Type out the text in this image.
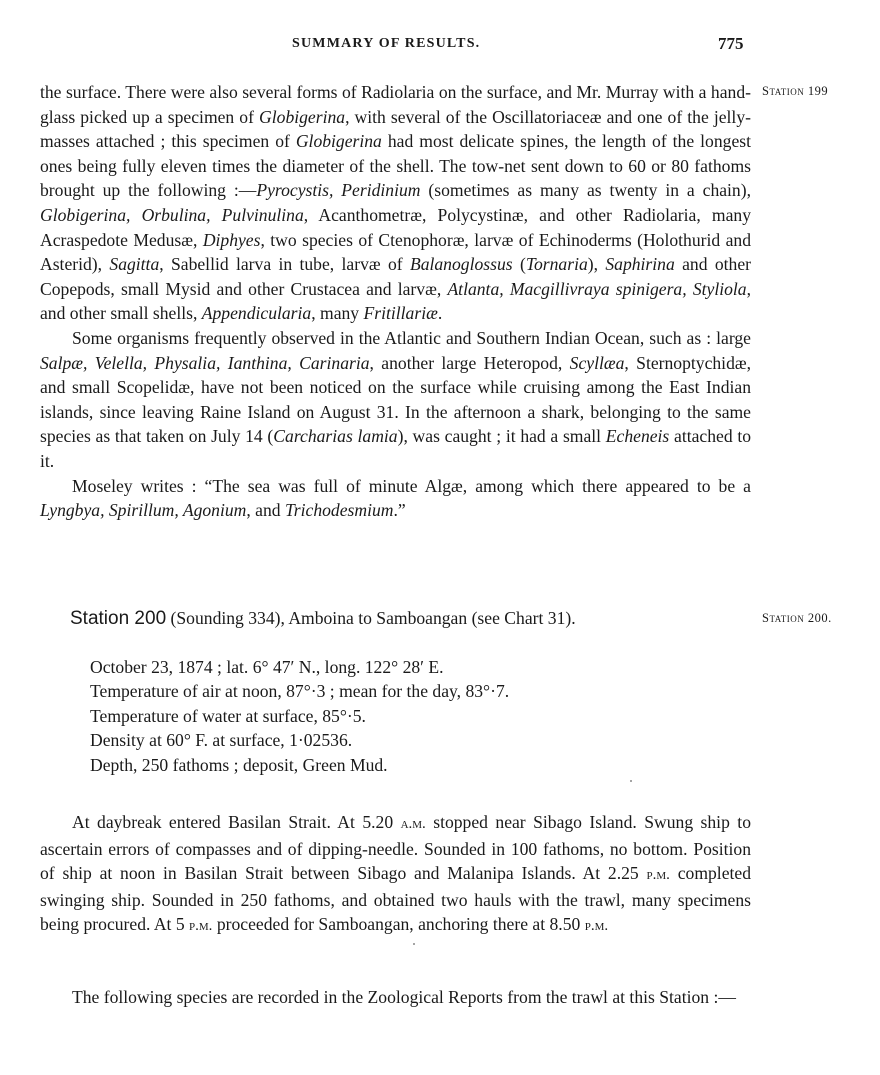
SUMMARY OF RESULTS.	775
Station 199

the surface. There were also several forms of Radiolaria on the surface, and Mr. Murray with a hand-glass picked up a specimen of Globigerina, with several of the Oscillatoriaceæ and one of the jelly-masses attached ; this specimen of Globigerina had most delicate spines, the length of the longest ones being fully eleven times the diameter of the shell. The tow-net sent down to 60 or 80 fathoms brought up the following :—Pyrocystis, Peridinium (sometimes as many as twenty in a chain), Globigerina, Orbulina, Pulvinulina, Acanthometræ, Polycystinæ, and other Radiolaria, many Acraspedote Medusæ, Diphyes, two species of Ctenophoræ, larvæ of Echinoderms (Holothurid and Asterid), Sagitta, Sabellid larva in tube, larvæ of Balanoglossus (Tornaria), Saphirina and other Copepods, small Mysid and other Crustacea and larvæ, Atlanta, Macgillivraya spinigera, Styliola, and other small shells, Appendicularia, many Fritillariæ.

Some organisms frequently observed in the Atlantic and Southern Indian Ocean, such as : large Salpæ, Velella, Physalia, Ianthina, Carinaria, another large Heteropod, Scyllæa, Sternoptychidæ, and small Scopelidæ, have not been noticed on the surface while cruising among the East Indian islands, since leaving Raine Island on August 31. In the afternoon a shark, belonging to the same species as that taken on July 14 (Carcharias lamia), was caught ; it had a small Echeneis attached to it.

Moseley writes : “The sea was full of minute Algæ, among which there appeared to be a Lyngbya, Spirillum, Agonium, and Trichodesmium.”

Station 200 (Sounding 334), Amboina to Samboangan (see Chart 31).	Station 200.
October 23, 1874 ; lat. 6° 47′ N., long. 122° 28′ E.
Temperature of air at noon, 87°·3 ; mean for the day, 83°·7.
Temperature of water at surface, 85°·5.
Density at 60° F. at surface, 1·02536.
Depth, 250 fathoms ; deposit, Green Mud.

At daybreak entered Basilan Strait. At 5.20 a.m. stopped near Sibago Island. Swung ship to ascertain errors of compasses and of dipping-needle. Sounded in 100 fathoms, no bottom. Position of ship at noon in Basilan Strait between Sibago and Malanipa Islands. At 2.25 p.m. completed swinging ship. Sounded in 250 fathoms, and obtained two hauls with the trawl, many specimens being procured. At 5 p.m. proceeded for Samboangan, anchoring there at 8.50 p.m.

The following species are recorded in the Zoological Reports from the trawl at this Station :—
